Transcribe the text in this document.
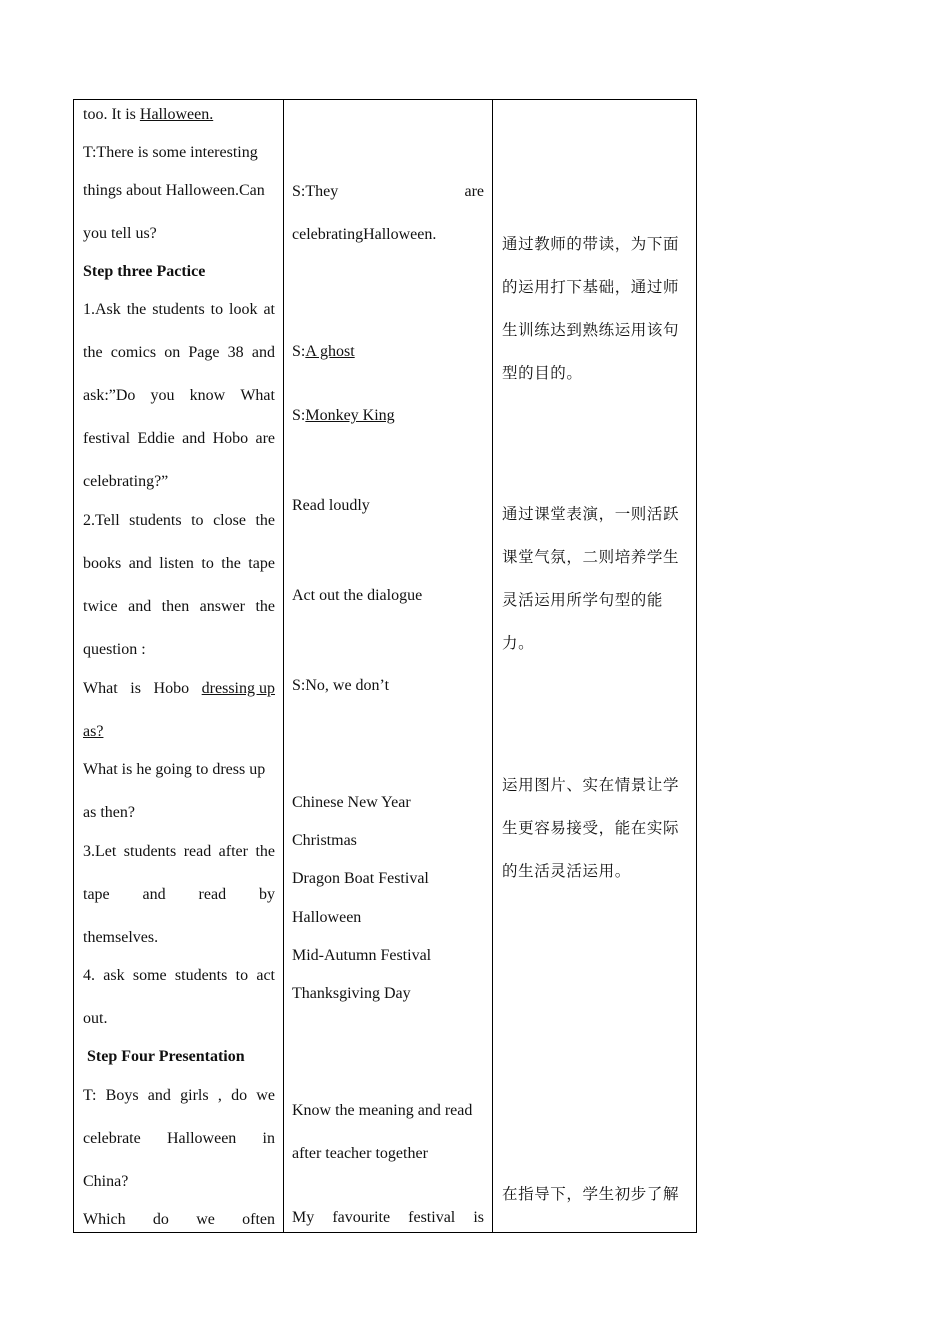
too. It is Halloween.
T:There is some interesting
things about Halloween.Can
you tell us?
Step three Pactice
1.Ask the students to look at
the comics on Page 38 and
ask:”Do you know What
festival Eddie and Hobo are
celebrating?”
2.Tell students to close the
books and listen to the tape
twice and then answer the
question :
What is Hobo dressing up
as?
What is he going to dress up
as then?
3.Let students read after the
tape and read by
themselves.
4. ask some students to act
out.
Step Four Presentation
T: Boys and girls , do we
celebrate Halloween in
China?
Which do we often
S:They	are
celebratingHalloween.
S:A ghost
S:Monkey King
Read loudly
Act out the dialogue
S:No, we don’t
Chinese New Year
Christmas
Dragon Boat Festival
Halloween
Mid-Autumn Festival
Thanksgiving Day
Know the meaning and read
after teacher together
My favourite festival is
通过教师的带读，为下面
的运用打下基础，通过师
生训练达到熟练运用该句
型的目的。
通过课堂表演，一则活跃
课堂气氛，二则培养学生
灵活运用所学句型的能
力。
运用图片、实在情景让学
生更容易接受，能在实际
的生活灵活运用。
在指导下，学生初步了解
